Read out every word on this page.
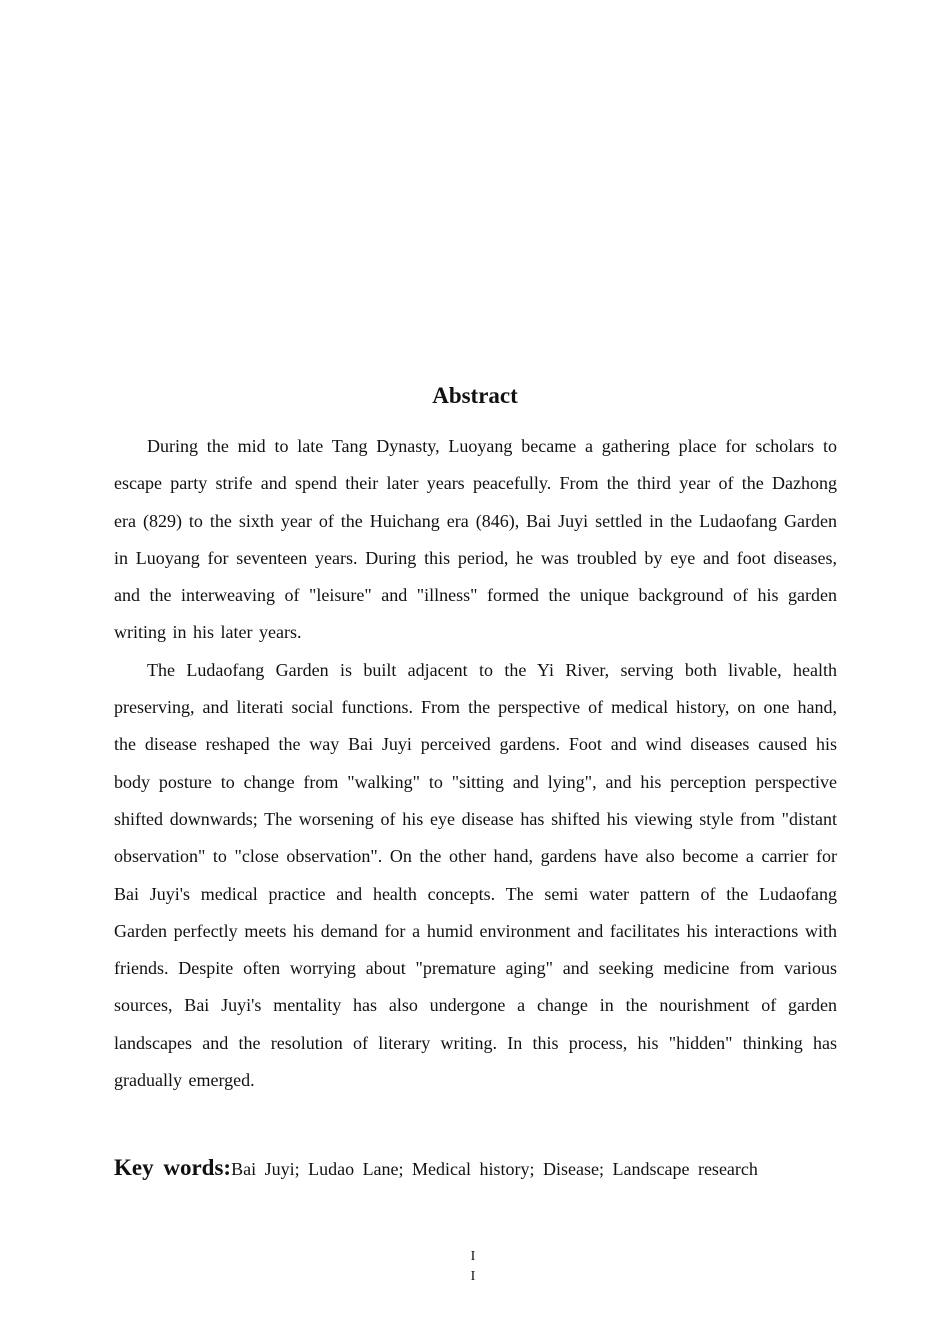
Abstract

During the mid to late Tang Dynasty, Luoyang became a gathering place for scholars to escape party strife and spend their later years peacefully. From the third year of the Dazhong era (829) to the sixth year of the Huichang era (846), Bai Juyi settled in the Ludaofang Garden in Luoyang for seventeen years. During this period, he was troubled by eye and foot diseases, and the interweaving of "leisure" and "illness" formed the unique background of his garden writing in his later years.

The Ludaofang Garden is built adjacent to the Yi River, serving both livable, health preserving, and literati social functions. From the perspective of medical history, on one hand, the disease reshaped the way Bai Juyi perceived gardens. Foot and wind diseases caused his body posture to change from "walking" to "sitting and lying", and his perception perspective shifted downwards; The worsening of his eye disease has shifted his viewing style from "distant observation" to "close observation". On the other hand, gardens have also become a carrier for Bai Juyi's medical practice and health concepts. The semi water pattern of the Ludaofang Garden perfectly meets his demand for a humid environment and facilitates his interactions with friends. Despite often worrying about "premature aging" and seeking medicine from various sources, Bai Juyi's mentality has also undergone a change in the nourishment of garden landscapes and the resolution of literary writing. In this process, his "hidden" thinking has gradually emerged.

Key words:Bai Juyi; Ludao Lane; Medical history; Disease; Landscape research
I
I
